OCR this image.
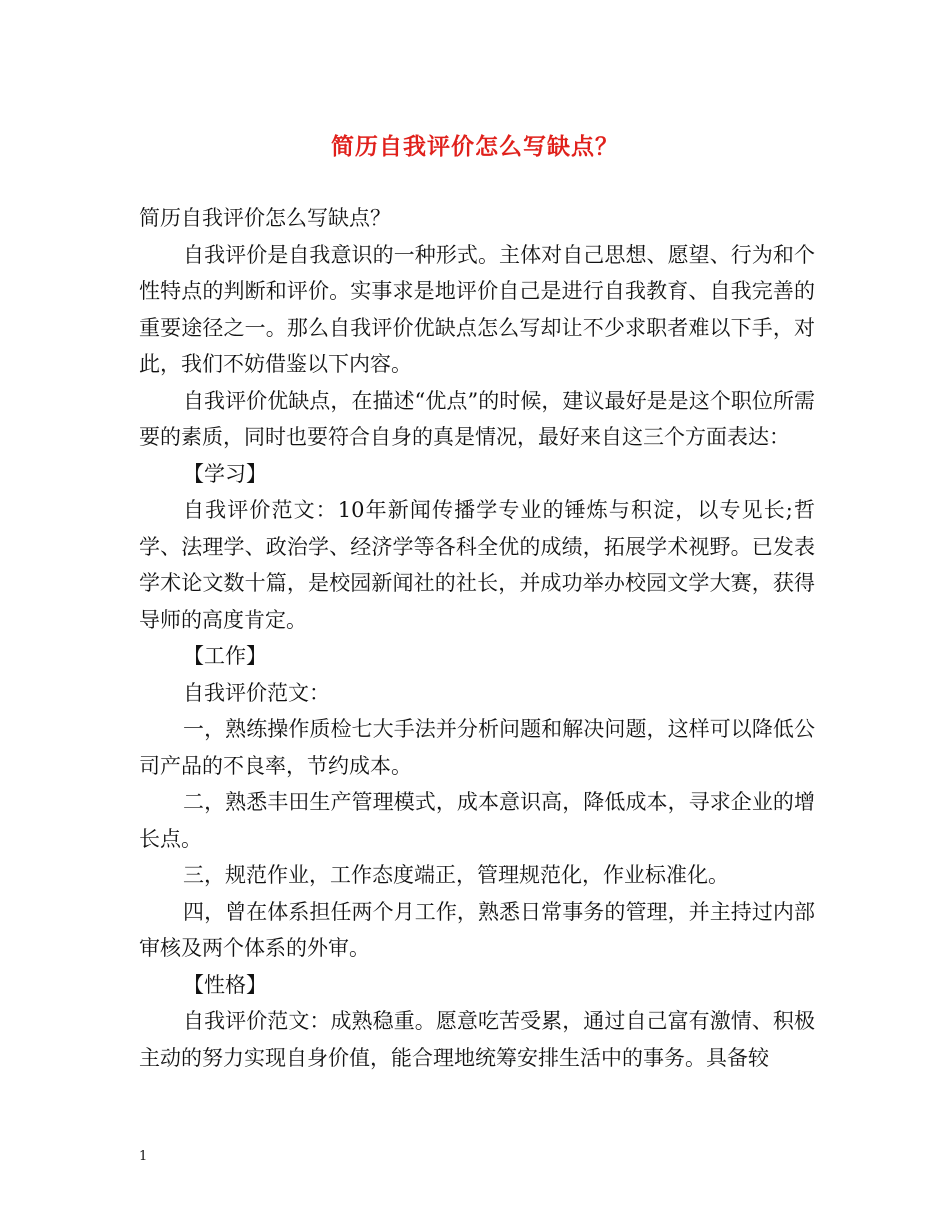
简历自我评价怎么写缺点？

简历自我评价怎么写缺点？

自我评价是自我意识的一种形式。主体对自己思想、愿望、行为和个性特点的判断和评价。实事求是地评价自己是进行自我教育、自我完善的重要途径之一。那么自我评价优缺点怎么写却让不少求职者难以下手，对此，我们不妨借鉴以下内容。

自我评价优缺点，在描述“优点”的时候，建议最好是是这个职位所需要的素质，同时也要符合自身的真是情况，最好来自这三个方面表达：

【学习】

自我评价范文：10年新闻传播学专业的锤炼与积淀，以专见长;哲学、法理学、政治学、经济学等各科全优的成绩，拓展学术视野。已发表学术论文数十篇，是校园新闻社的社长，并成功举办校园文学大赛，获得导师的高度肯定。

【工作】

自我评价范文：

一，熟练操作质检七大手法并分析问题和解决问题，这样可以降低公司产品的不良率，节约成本。

二，熟悉丰田生产管理模式，成本意识高，降低成本，寻求企业的增长点。

三，规范作业，工作态度端正，管理规范化，作业标准化。

四，曾在体系担任两个月工作，熟悉日常事务的管理，并主持过内部审核及两个体系的外审。

【性格】

自我评价范文：成熟稳重。愿意吃苦受累，通过自己富有激情、积极主动的努力实现自身价值，能合理地统筹安排生活中的事务。具备较

1
